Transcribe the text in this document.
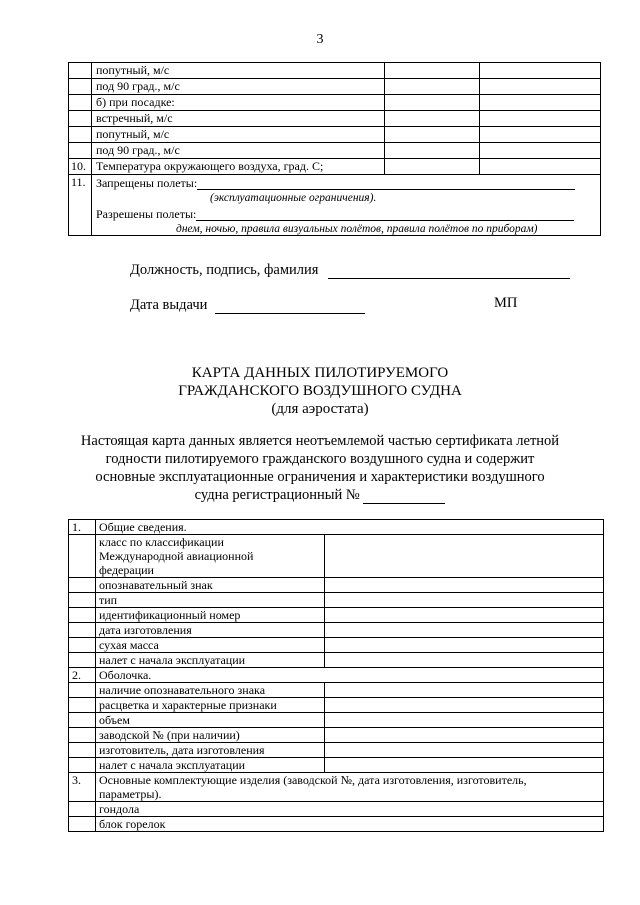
3
	попутный, м/с		
	под 90 град., м/с		
	б) при посадке:		
	встречный, м/с		
	попутный, м/с		
	под 90 град., м/с		
10.	Температура окружающего воздуха, град. С;		
11.	Запрещены полеты:
(эксплуатационные ограничения).
Разрешены полеты:
днем, ночью, правила визуальных полётов, правила полётов по приборам)		
Должность, подпись, фамилия
Дата выдачи	МП
КАРТА ДАННЫХ ПИЛОТИРУЕМОГО
ГРАЖДАНСКОГО ВОЗДУШНОГО СУДНА
(для аэростата)
Настоящая карта данных является неотъемлемой частью сертификата летной
годности пилотируемого гражданского воздушного судна и содержит
основные эксплуатационные ограничения и характеристики воздушного
судна регистрационный №
1.	Общие сведения.	

	класс по классификации
Международной авиационной
федерации	

	опознавательный знак	
	тип	
	идентификационный номер	
	дата изготовления	
	сухая масса	
	налет с начала эксплуатации	
2.	Оболочка.	
	наличие опознавательного знака	
	расцветка и характерные признаки	
	объем	
	заводской № (при наличии)	
	изготовитель, дата изготовления	
	налет с начала эксплуатации	
3.	Основные комплектующие изделия (заводской №, дата изготовления, изготовитель,
параметры).	

	гондола	
	блок горелок	
